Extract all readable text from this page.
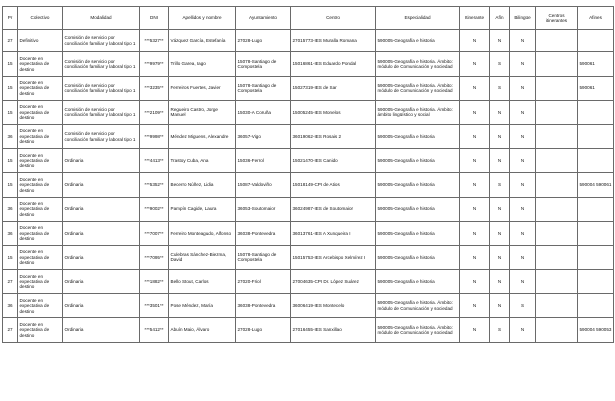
Pr	Colectivo	Modalidad	DNI	Apellidos y nombre	Ayuntamiento	Centro	Especialidad	Itinerante	Afín	Bilingüe	Centros itinerantes	Afines
27	Definitivo	Comisión de servicio por conciliación familiar y laboral tipo 1	***5327**	Vázquez García, Estefanía	27028-Lugo	27015773-IES Muralla Romana	590005-Geografía e historia	N	N	N		
15	Docente en expectativa de destino	Comisión de servicio por conciliación familiar y laboral tipo 1	***9979**	Trillo Garea, Iago	15078-Santiago de Compostela	15016861-IES Eduardo Pondal	590005-Geografía e historia. Ámbito: módulo de Comunicación y sociedad	N	S	N		590061
15	Docente en expectativa de destino	Comisión de servicio por conciliación familiar y laboral tipo 1	***3235**	Ferreiros Fuertes, Javier	15078-Santiago de Compostela	15027319-IES de Sar	590005-Geografía e historia. Ámbito: módulo de Comunicación y sociedad	N	S	N		590061
15	Docente en expectativa de destino	Comisión de servicio por conciliación familiar y laboral tipo 1	***2109**	Regueiro Castro, Jorge Manuel	15030-A Coruña	15005245-IES Monelos	590005-Geografía e historia. Ámbito: ámbito lingüístico y social	N	N	N		
36	Docente en expectativa de destino	Comisión de servicio por conciliación familiar y laboral tipo 1	***9998**	Méndez Miguens, Alexandre	36057-Vigo	36019062-IES Rosais 2	590005-Geografía e historia	N	N	N		
15	Docente en expectativa de destino	Ordinaria	***4413**	Trastoy Cuba, Ana	15036-Ferrol	15021470-IES Canido	590005-Geografía e historia	N	N	N		
15	Docente en expectativa de destino	Ordinaria	***5352**	Becerro Núñez, Lidia	15087-Valdoviño	15018149-CPI de Atios	590005-Geografía e historia	N	S	N		590004 590061
36	Docente en expectativa de destino	Ordinaria	***9002**	Pampín Cagide, Laura	36053-Soutomaior	36024987-IES de Soutomaior	590005-Geografía e historia	N	N	N		
36	Docente en expectativa de destino	Ordinaria	***7007**	Ferreiro Monteagudo, Alfonso	36038-Pontevedra	36013761-IES A Xunqueira I	590005-Geografía e historia	N	N	N		
15	Docente en expectativa de destino	Ordinaria	***7095**	Culebras Sánchez-Biezma, David	15078-Santiago de Compostela	15015753-IES Arcebispo Xelmírez I	590005-Geografía e historia	N	N	N		
27	Docente en expectativa de destino	Ordinaria	***1882**	Bello Stout, Carlos	27020-Friol	27004635-CPI Dr. López Suárez	590005-Geografía e historia	N	N	N		
36	Docente en expectativa de destino	Ordinaria	***3501**	Pose Méndez, María	36038-Pontevedra	36006419-IES Montecelo	590005-Geografía e historia. Ámbito: módulo de Comunicación y sociedad	N	N	S		
27	Docente en expectativa de destino	Ordinaria	***5412**	Abuín Maio, Álvaro	27028-Lugo	27016455-IES Sanxillao	590005-Geografía e historia. Ámbito: módulo de Comunicación y sociedad	N	S	N		590004 590053
